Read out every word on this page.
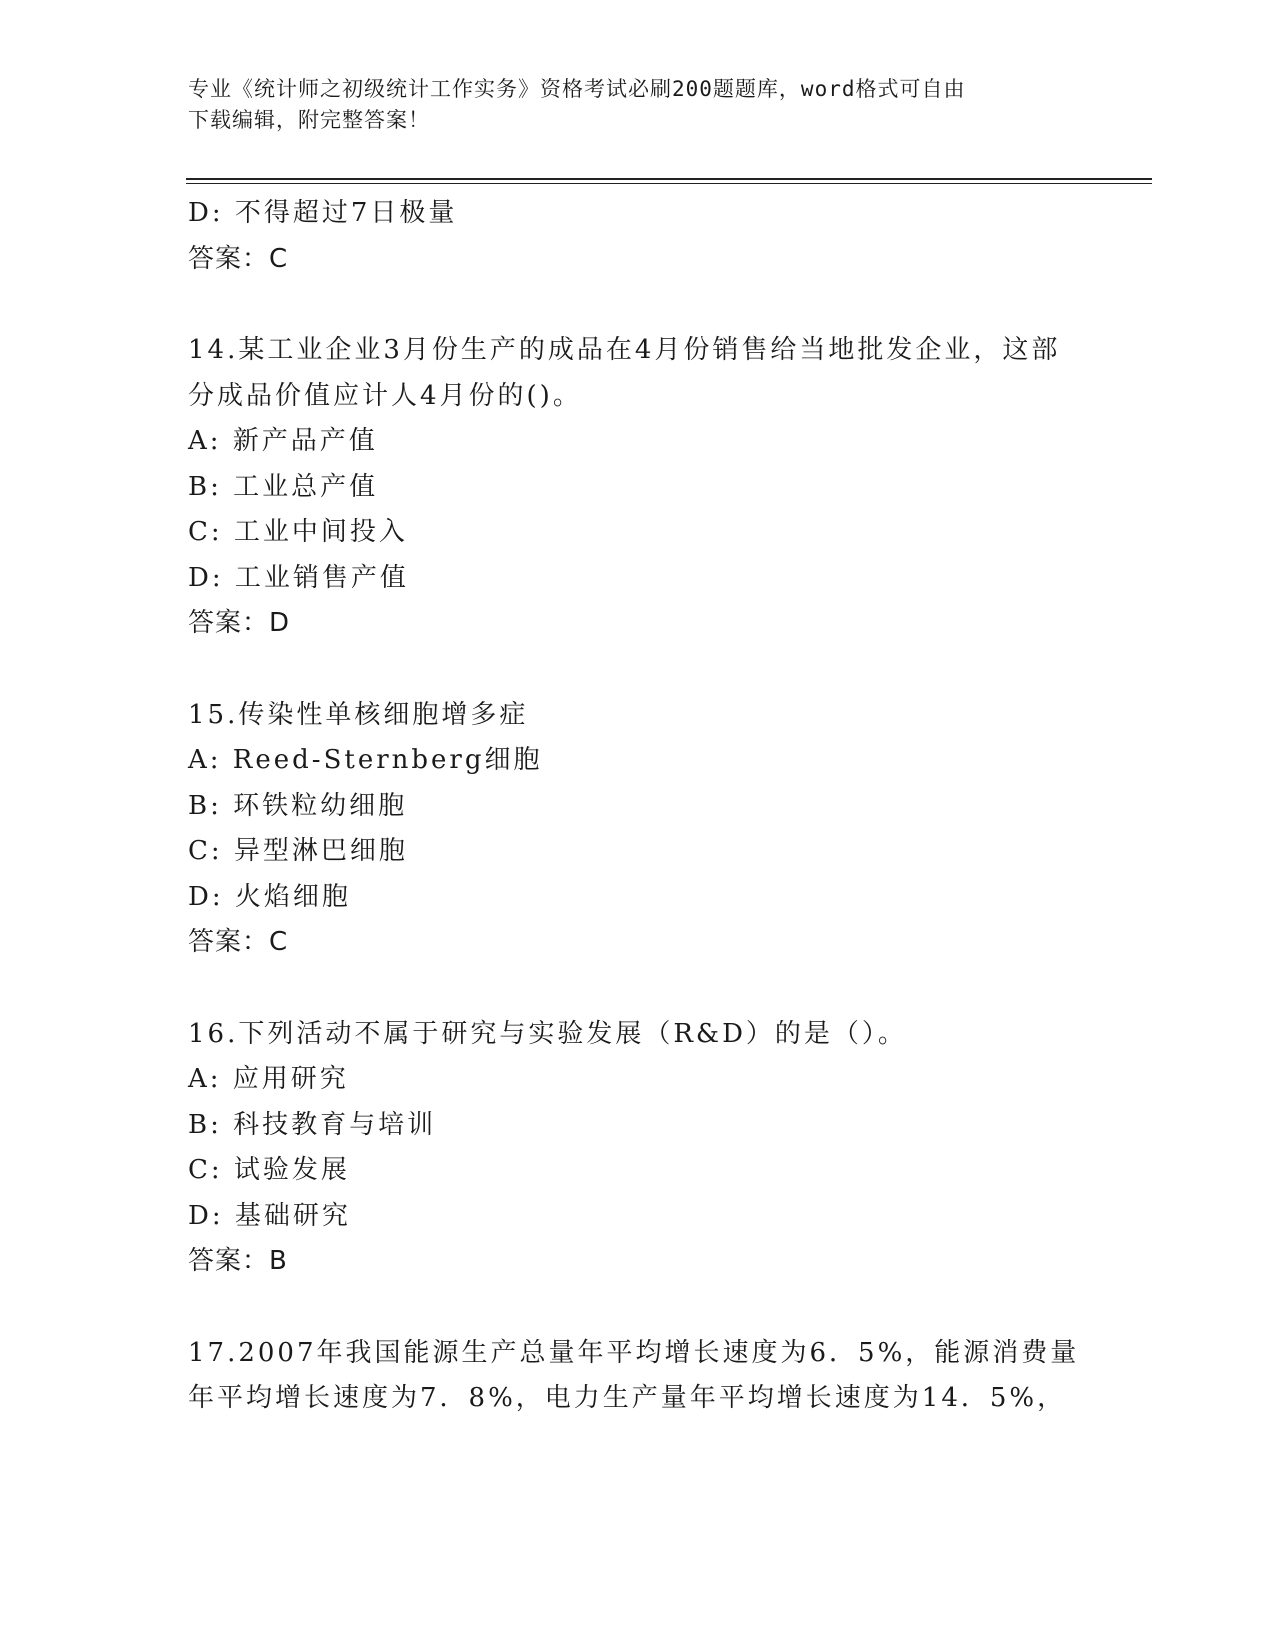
专业《统计师之初级统计工作实务》资格考试必刷200题题库，word格式可自由
下载编辑，附完整答案！
D: 不得超过7日极量
答案：C
14.某工业企业3月份生产的成品在4月份销售给当地批发企业，这部
分成品价值应计人4月份的()。
A: 新产品产值
B: 工业总产值
C: 工业中间投入
D: 工业销售产值
答案：D
15.传染性单核细胞增多症
A: Reed-Sternberg细胞
B: 环铁粒幼细胞
C: 异型淋巴细胞
D: 火焰细胞
答案：C
16.下列活动不属于研究与实验发展（R&D）的是（）。
A: 应用研究
B: 科技教育与培训
C: 试验发展
D: 基础研究
答案：B
17.2007年我国能源生产总量年平均增长速度为6．5%，能源消费量
年平均增长速度为7．8%，电力生产量年平均增长速度为14．5%，
